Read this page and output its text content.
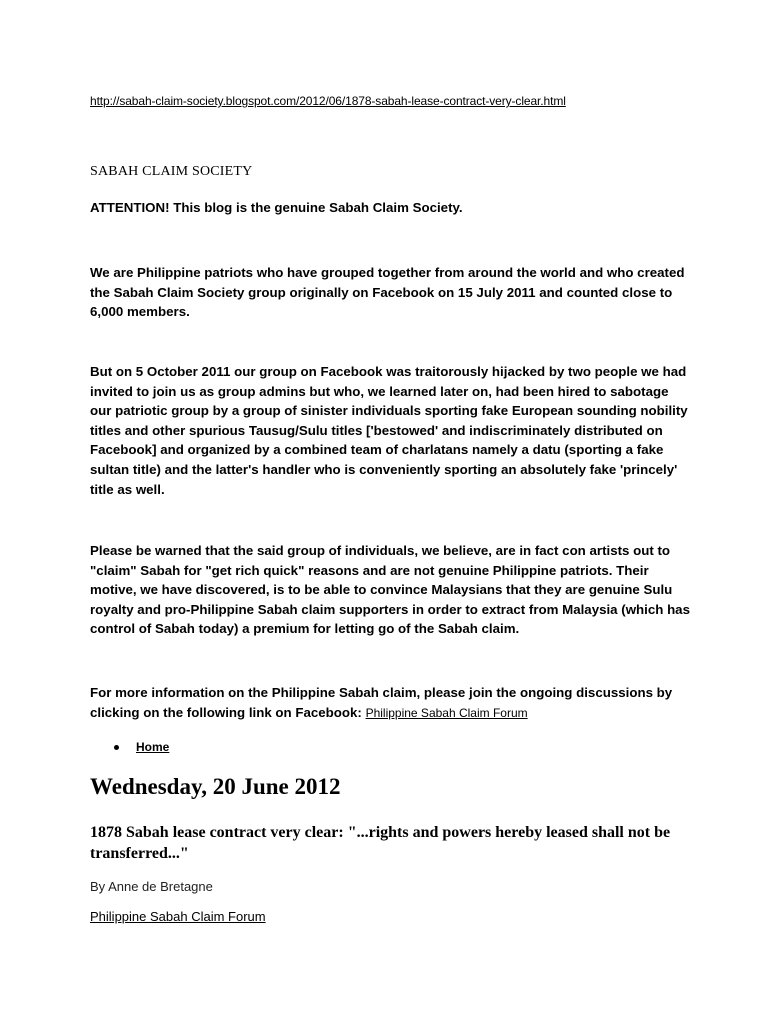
http://sabah-claim-society.blogspot.com/2012/06/1878-sabah-lease-contract-very-clear.html
SABAH CLAIM SOCIETY
ATTENTION! This blog is the genuine Sabah Claim Society.
We are Philippine patriots who have grouped together from around the world and who created the Sabah Claim Society group originally on Facebook on 15 July 2011 and counted close to 6,000 members.
But on 5 October 2011 our group on Facebook was traitorously hijacked by two people we had invited to join us as group admins but who, we learned later on, had been hired to sabotage our patriotic group by a group of sinister individuals sporting fake European sounding nobility titles and other spurious Tausug/Sulu titles ['bestowed' and indiscriminately distributed on Facebook] and organized by a combined team of charlatans namely a datu (sporting a fake sultan title) and the latter's handler who is conveniently sporting an absolutely fake 'princely' title as well.
Please be warned that the said group of individuals, we believe, are in fact con artists out to "claim" Sabah for "get rich quick" reasons and are not genuine Philippine patriots. Their motive, we have discovered, is to be able to convince Malaysians that they are genuine Sulu royalty and pro-Philippine Sabah claim supporters in order to extract from Malaysia (which has control of Sabah today) a premium for letting go of the Sabah claim.
For more information on the Philippine Sabah claim, please join the ongoing discussions by clicking on the following link on Facebook: Philippine Sabah Claim Forum
Home
Wednesday, 20 June 2012
1878 Sabah lease contract very clear: "...rights and powers hereby leased shall not be transferred..."
By Anne de Bretagne
Philippine Sabah Claim Forum
